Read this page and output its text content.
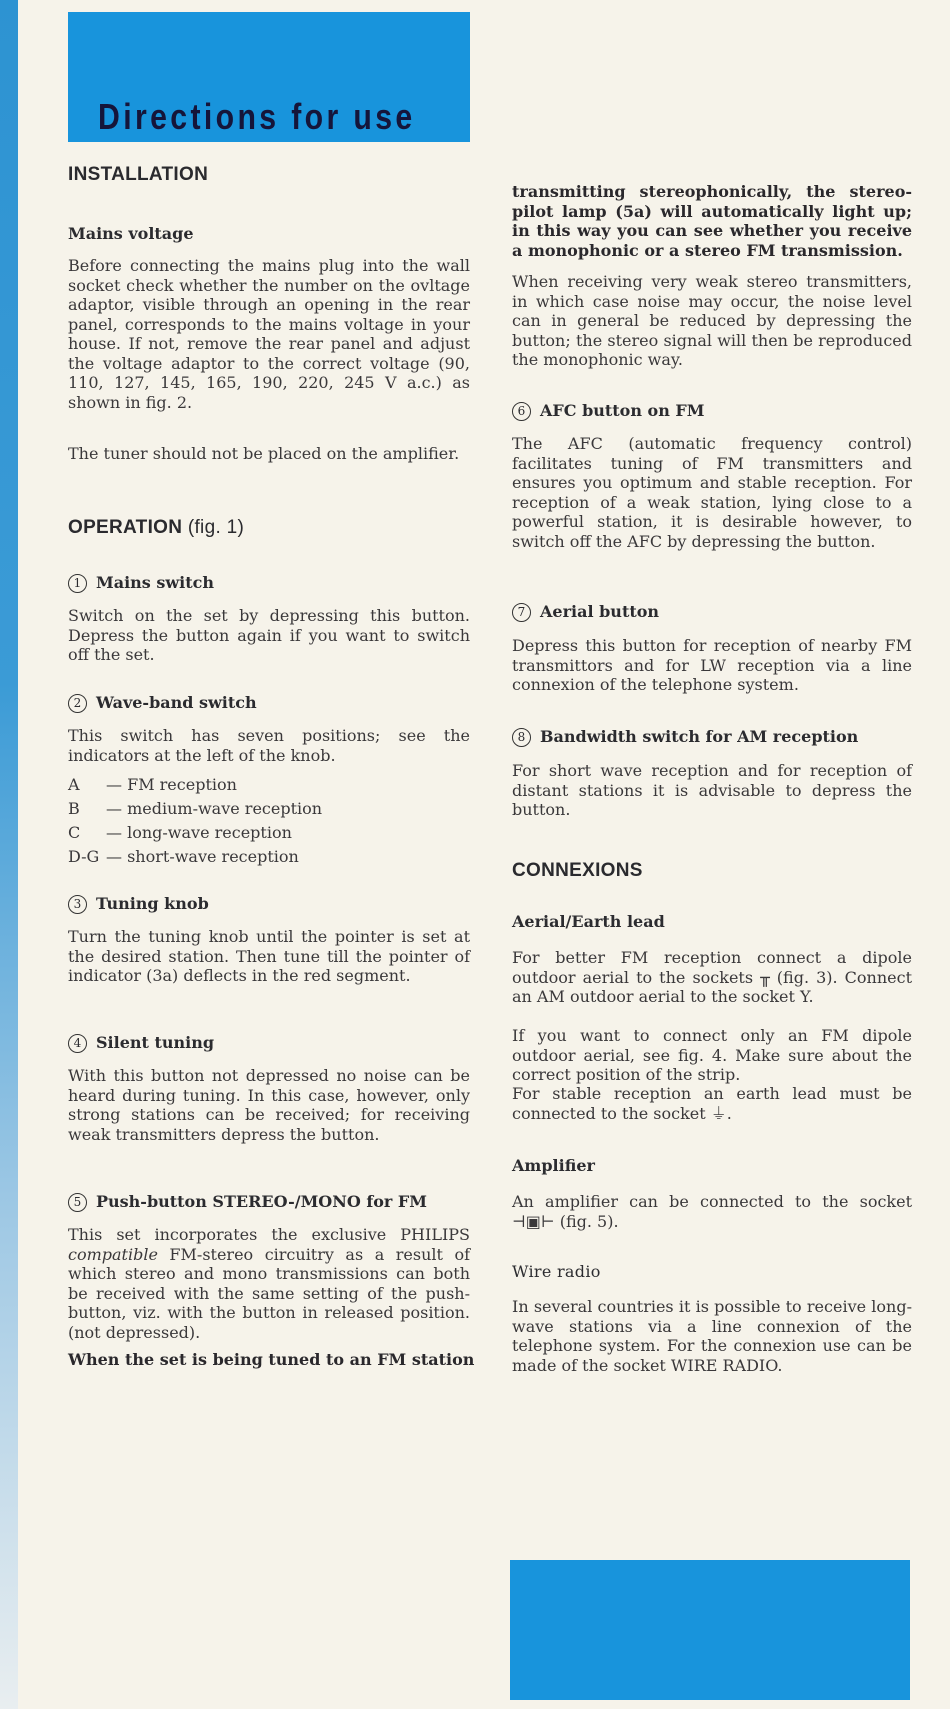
Directions for use
INSTALLATION
Mains voltage
Before connecting the mains plug into the wall socket check whether the number on the ovltage adaptor, visible through an opening in the rear panel, corresponds to the mains voltage in your house. If not, remove the rear panel and adjust the voltage adaptor to the correct voltage (90, 110, 127, 145, 165, 190, 220, 245 V a.c.) as shown in fig. 2.
The tuner should not be placed on the amplifier.
OPERATION (fig. 1)
1 Mains switch
Switch on the set by depressing this button. Depress the button again if you want to switch off the set.
2 Wave-band switch
This switch has seven positions; see the indicators at the left of the knob.
A — FM reception
B — medium-wave reception
C — long-wave reception
D-G — short-wave reception
3 Tuning knob
Turn the tuning knob until the pointer is set at the desired station. Then tune till the pointer of indicator (3a) deflects in the red segment.
4 Silent tuning
With this button not depressed no noise can be heard during tuning. In this case, however, only strong stations can be received; for receiving weak transmitters depress the button.
5 Push-button STEREO-/MONO for FM
This set incorporates the exclusive PHILIPS compatible FM-stereo circuitry as a result of which stereo and mono transmissions can both be received with the same setting of the push-button, viz. with the button in released position. (not depressed).
When the set is being tuned to an FM station
transmitting stereophonically, the stereo-pilot lamp (5a) will automatically light up; in this way you can see whether you receive a monophonic or a stereo FM transmission.
When receiving very weak stereo transmitters, in which case noise may occur, the noise level can in general be reduced by depressing the button; the stereo signal will then be reproduced the monophonic way.
6 AFC button on FM
The AFC (automatic frequency control) facilitates tuning of FM transmitters and ensures you optimum and stable reception. For reception of a weak station, lying close to a powerful station, it is desirable however, to switch off the AFC by depressing the button.
7 Aerial button
Depress this button for reception of nearby FM transmittors and for LW reception via a line connexion of the telephone system.
8 Bandwidth switch for AM reception
For short wave reception and for reception of distant stations it is advisable to depress the button.
CONNEXIONS
Aerial/Earth lead
For better FM reception connect a dipole outdoor aerial to the sockets ╥ (fig. 3). Connect an AM outdoor aerial to the socket Y.
If you want to connect only an FM dipole outdoor aerial, see fig. 4. Make sure about the correct position of the strip.
For stable reception an earth lead must be connected to the socket ⏚.
Amplifier
An amplifier can be connected to the socket ⊣▣⊢ (fig. 5).
Wire radio
In several countries it is possible to receive long-wave stations via a line connexion of the telephone system. For the connexion use can be made of the socket WIRE RADIO.
